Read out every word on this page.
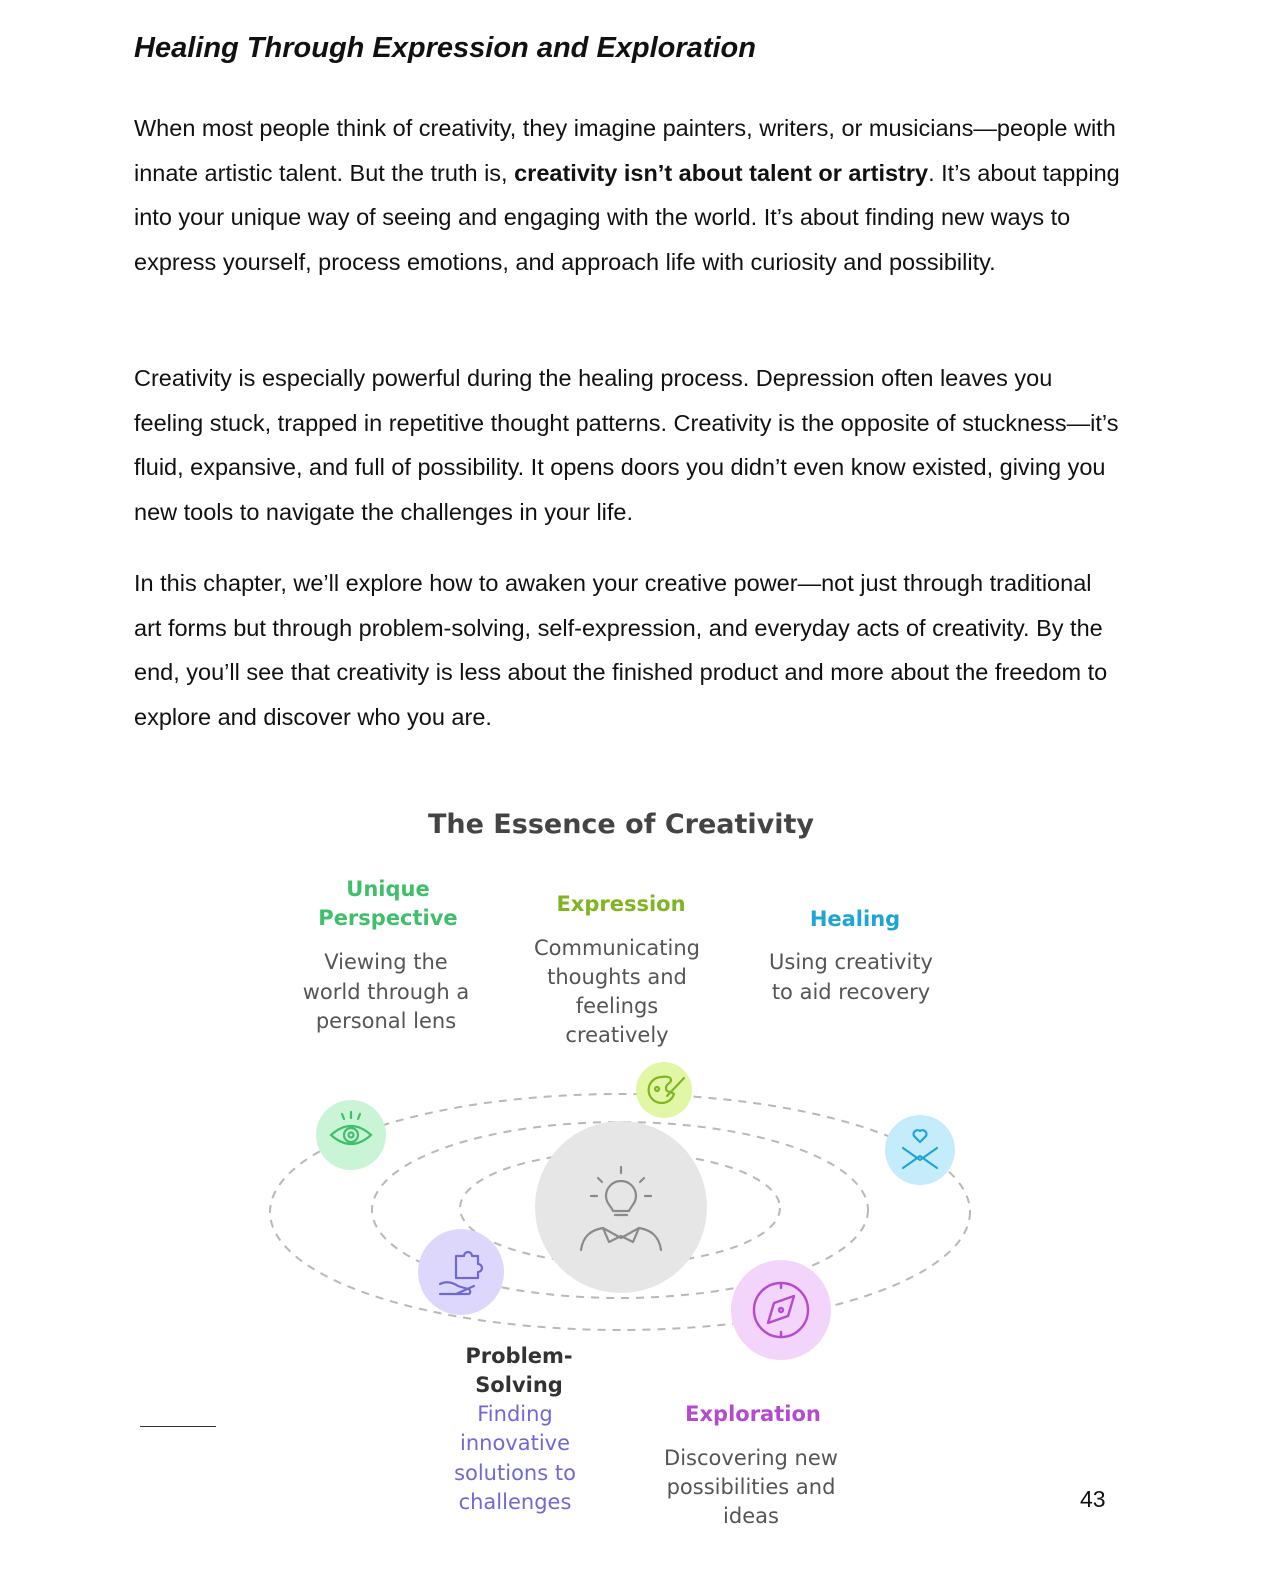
Healing Through Expression and Exploration

When most people think of creativity, they imagine painters, writers, or musicians—people with innate artistic talent. But the truth is, creativity isn’t about talent or artistry. It’s about tapping into your unique way of seeing and engaging with the world. It’s about finding new ways to express yourself, process emotions, and approach life with curiosity and possibility.

Creativity is especially powerful during the healing process. Depression often leaves you feeling stuck, trapped in repetitive thought patterns. Creativity is the opposite of stuckness—it’s fluid, expansive, and full of possibility. It opens doors you didn’t even know existed, giving you new tools to navigate the challenges in your life.

In this chapter, we’ll explore how to awaken your creative power—not just through traditional art forms but through problem-solving, self-expression, and everyday acts of creativity. By the end, you’ll see that creativity is less about the finished product and more about the freedom to explore and discover who you are.

The Essence of Creativity
Unique
Perspective
Viewing the
world through a
personal lens
Expression
Communicating
thoughts and
feelings
creatively
Healing
Using creativity
to aid recovery
Problem-
Solving
Finding
innovative
solutions to
challenges
Exploration
Discovering new
possibilities and
ideas
43
